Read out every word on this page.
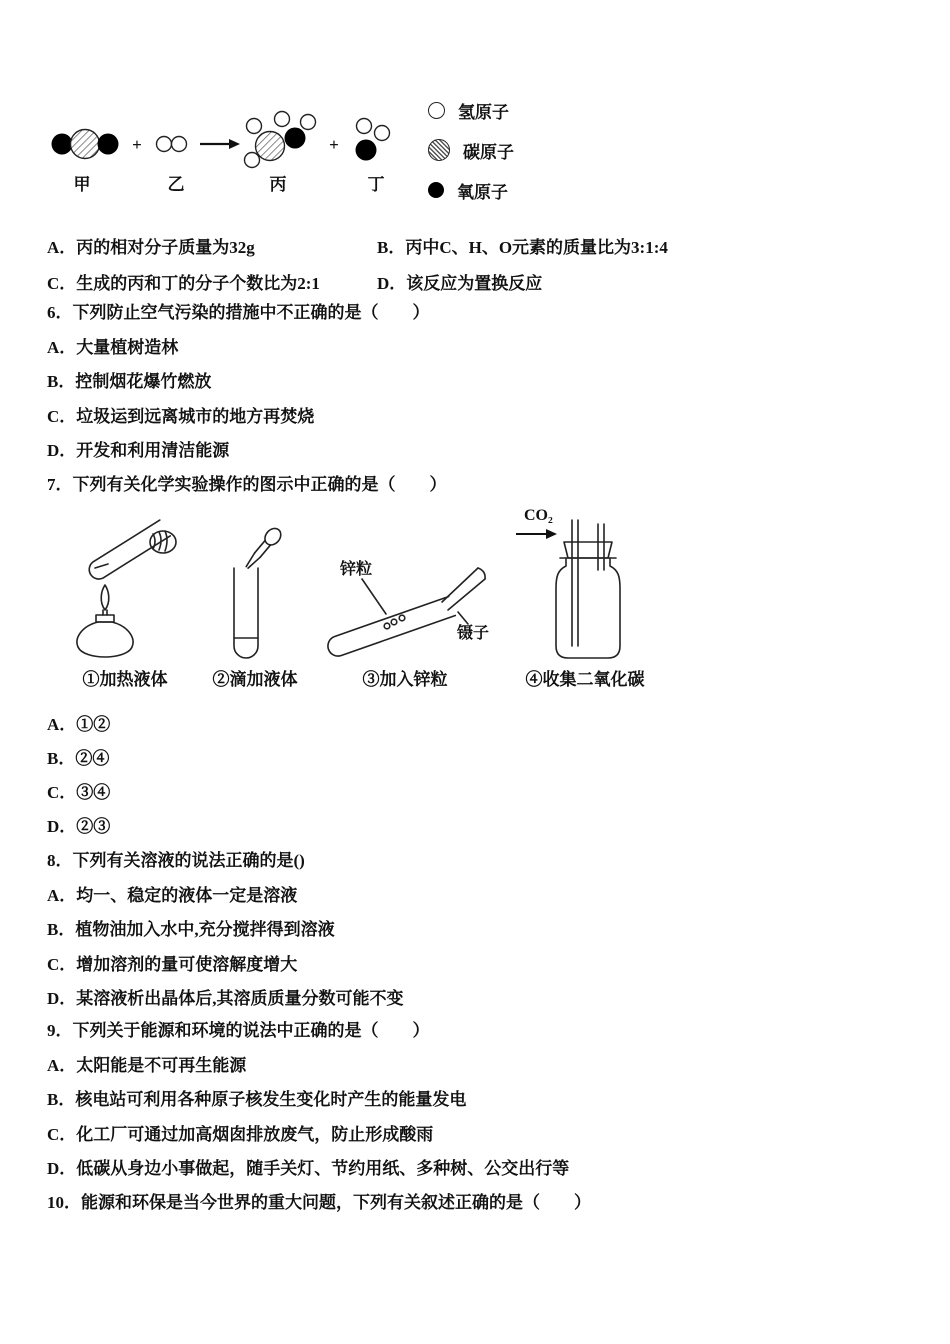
甲
+
乙	丙
+
丁
氢原子
碳原子
氧原子
A．丙的相对分子质量为32g	B．丙中C、H、O元素的质量比为3:1:4
C．生成的丙和丁的分子个数比为2:1	D．该反应为置换反应
6．下列防止空气污染的措施中不正确的是（　　）
A．大量植树造林
B．控制烟花爆竹燃放
C．垃圾运到远离城市的地方再焚烧
D．开发和利用清洁能源
7．下列有关化学实验操作的图示中正确的是（　　）
①加热液体	②滴加液体
锌粒
镊子
③加入锌粒
CO₂
④收集二氧化碳
A．①②
B．②④
C．③④
D．②③
8．下列有关溶液的说法正确的是()
A．均一、稳定的液体一定是溶液
B．植物油加入水中,充分搅拌得到溶液
C．增加溶剂的量可使溶解度增大
D．某溶液析出晶体后,其溶质质量分数可能不变
9．下列关于能源和环境的说法中正确的是（　　）
A．太阳能是不可再生能源
B．核电站可利用各种原子核发生变化时产生的能量发电
C．化工厂可通过加高烟囱排放废气，防止形成酸雨
D．低碳从身边小事做起，随手关灯、节约用纸、多种树、公交出行等
10．能源和环保是当今世界的重大问题，下列有关叙述正确的是（　　）
